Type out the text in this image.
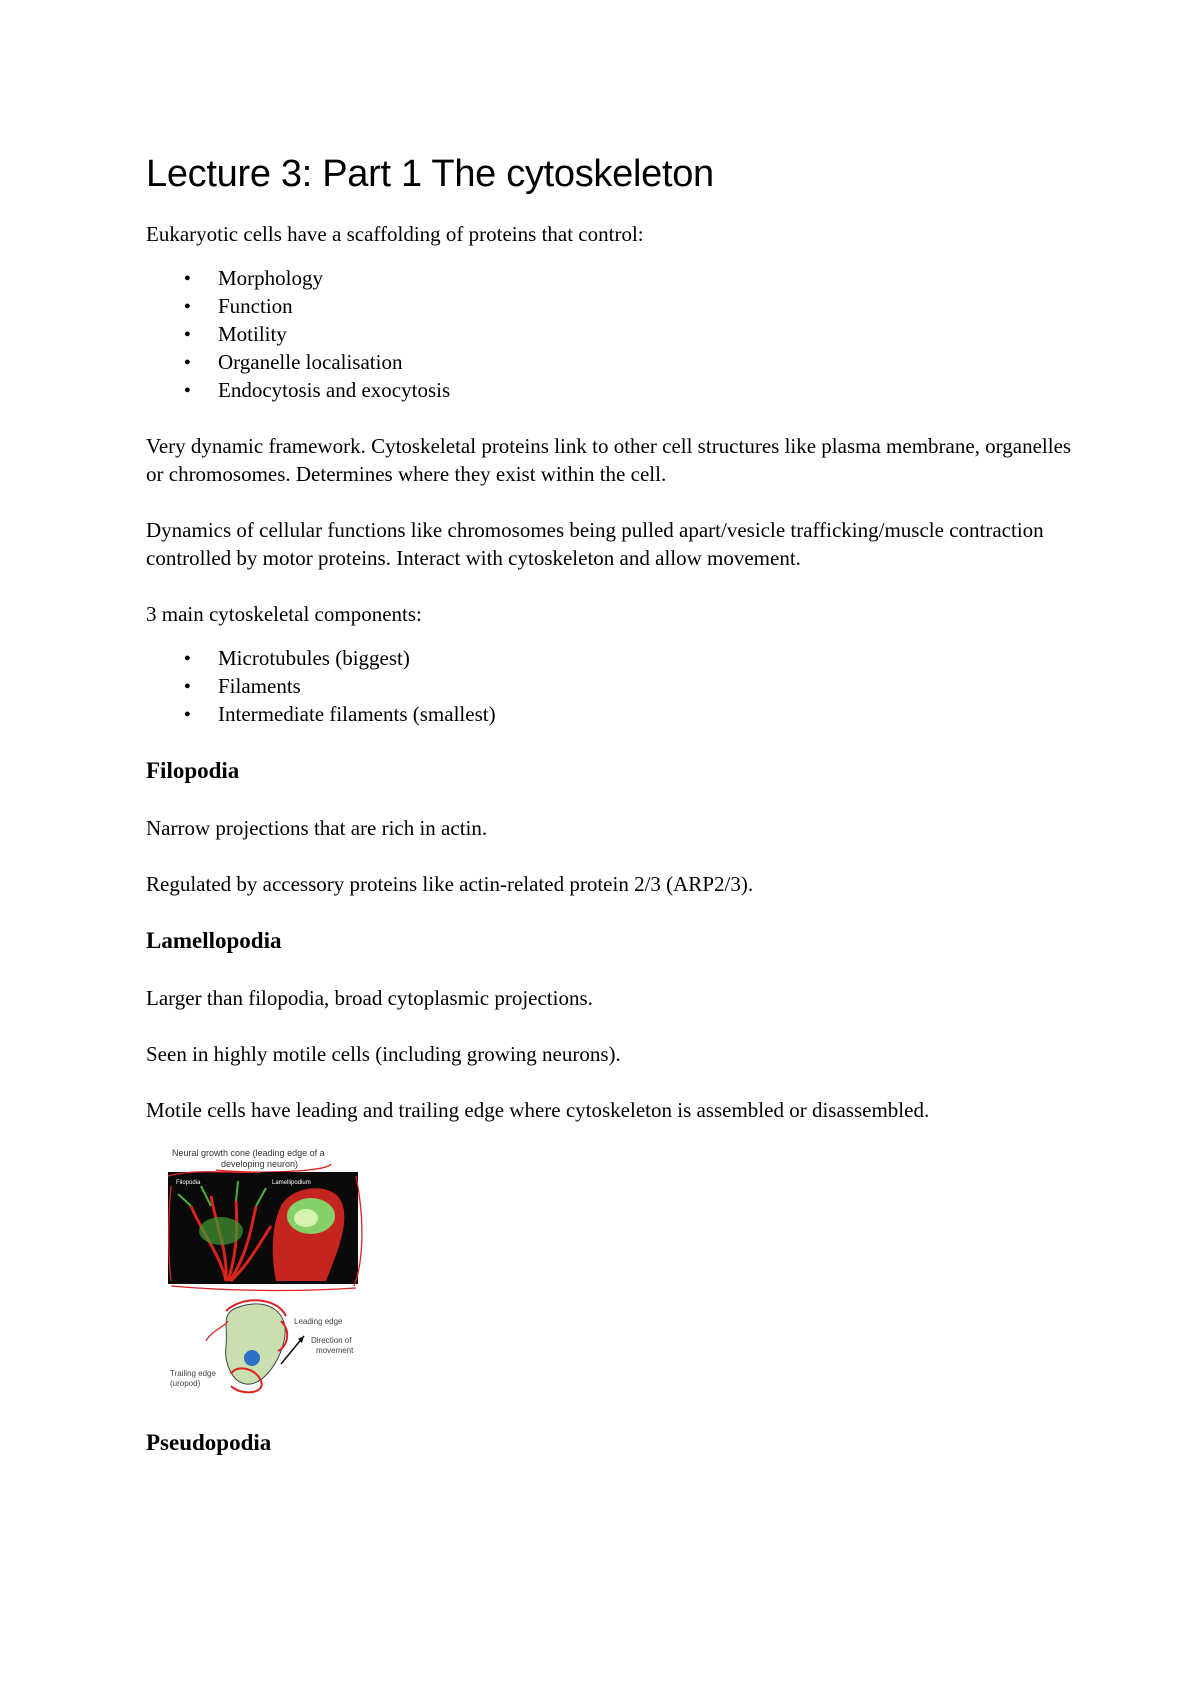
Lecture 3: Part 1 The cytoskeleton

Eukaryotic cells have a scaffolding of proteins that control:

● Morphology
● Function
● Motility
● Organelle localisation
● Endocytosis and exocytosis

Very dynamic framework. Cytoskeletal proteins link to other cell structures like plasma membrane, organelles or chromosomes. Determines where they exist within the cell.

Dynamics of cellular functions like chromosomes being pulled apart/vesicle trafficking/muscle contraction controlled by motor proteins. Interact with cytoskeleton and allow movement.

3 main cytoskeletal components:

● Microtubules (biggest)
● Filaments
● Intermediate filaments (smallest)
Filopodia

Narrow projections that are rich in actin.

Regulated by accessory proteins like actin-related protein 2/3 (ARP2/3).

Lamellopodia

Larger than filopodia, broad cytoplasmic projections.

Seen in highly motile cells (including growing neurons).

Motile cells have leading and trailing edge where cytoskeleton is assembled or disassembled.

Neural growth cone (leading edge of a
developing neuron)
Filopodia	Lamellipodium
Leading edge
Direction of
movement
Trailing edge
(uropod)
Pseudopodia
